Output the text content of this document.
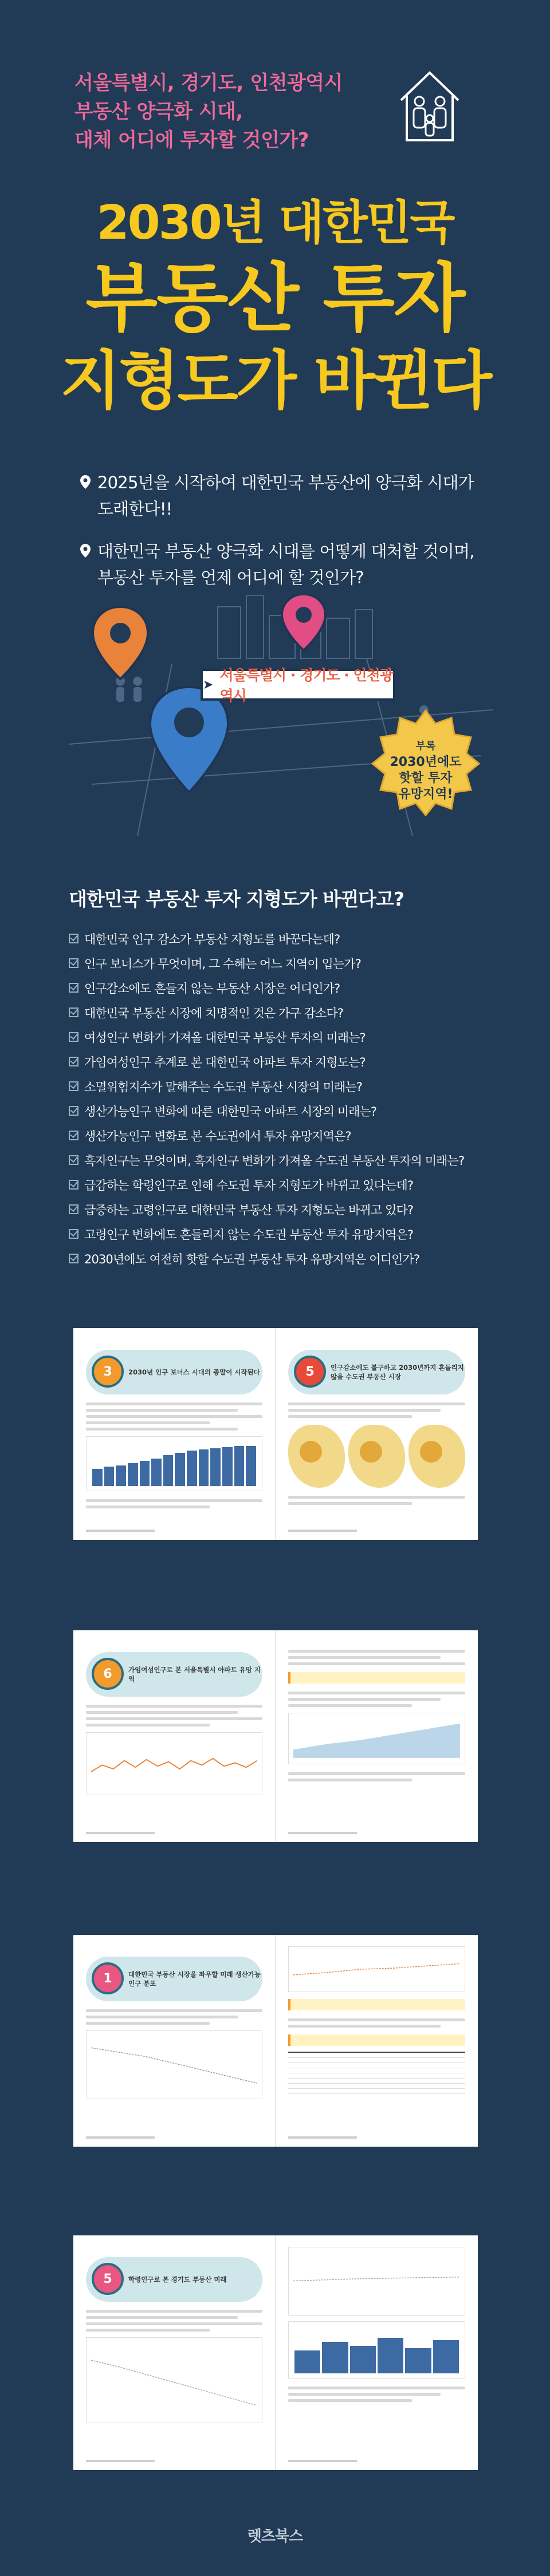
서울특별시, 경기도, 인천광역시
부동산 양극화 시대,
대체 어디에 투자할 것인가?
2030년 대한민국
부동산 투자
지형도가 바뀐다
2025년을 시작하여 대한민국 부동산에 양극화 시대가 도래한다!!
대한민국 부동산 양극화 시대를 어떻게 대처할 것이며, 부동산 투자를 언제 어디에 할 것인가?
➤
서울특별시 · 경기도 · 인천광역시
부록
2030년에도
핫할 투자
유망지역!
대한민국 부동산 투자 지형도가 바뀐다고?
대한민국 인구 감소가 부동산 지형도를 바꾼다는데?
인구 보너스가 무엇이며, 그 수혜는 어느 지역이 입는가?
인구감소에도 흔들지 않는 부동산 시장은 어디인가?
대한민국 부동산 시장에 치명적인 것은 가구 감소다?
여성인구 변화가 가져올 대한민국 부동산 투자의 미래는?
가임여성인구 추계로 본 대한민국 아파트 투자 지형도는?
소멸위험지수가 말해주는 수도권 부동산 시장의 미래는?
생산가능인구 변화에 따른 대한민국 아파트 시장의 미래는?
생산가능인구 변화로 본 수도권에서 투자 유망지역은?
흑자인구는 무엇이며, 흑자인구 변화가 가져올 수도권 부동산 투자의 미래는?
급감하는 학령인구로 인해 수도권 투자 지형도가 바뀌고 있다는데?
급증하는 고령인구로 대한민국 부동산 투자 지형도는 바뀌고 있다?
고령인구 변화에도 흔들리지 않는 수도권 부동산 투자 유망지역은?
2030년에도 여전히 핫할 수도권 부동산 투자 유망지역은 어디인가?
3	2030년 인구 보너스 시대의 종말이 시작된다	5	인구감소에도 불구하고 2030년까지 흔들리지 않을 수도권 부동산 시장
6	가임여성인구로 본 서울특별시 아파트 유망 지역
1	대한민국 부동산 시장을 좌우할 미래 생산가능인구 분포
5	학령인구로 본 경기도 부동산 미래
렛츠북스
